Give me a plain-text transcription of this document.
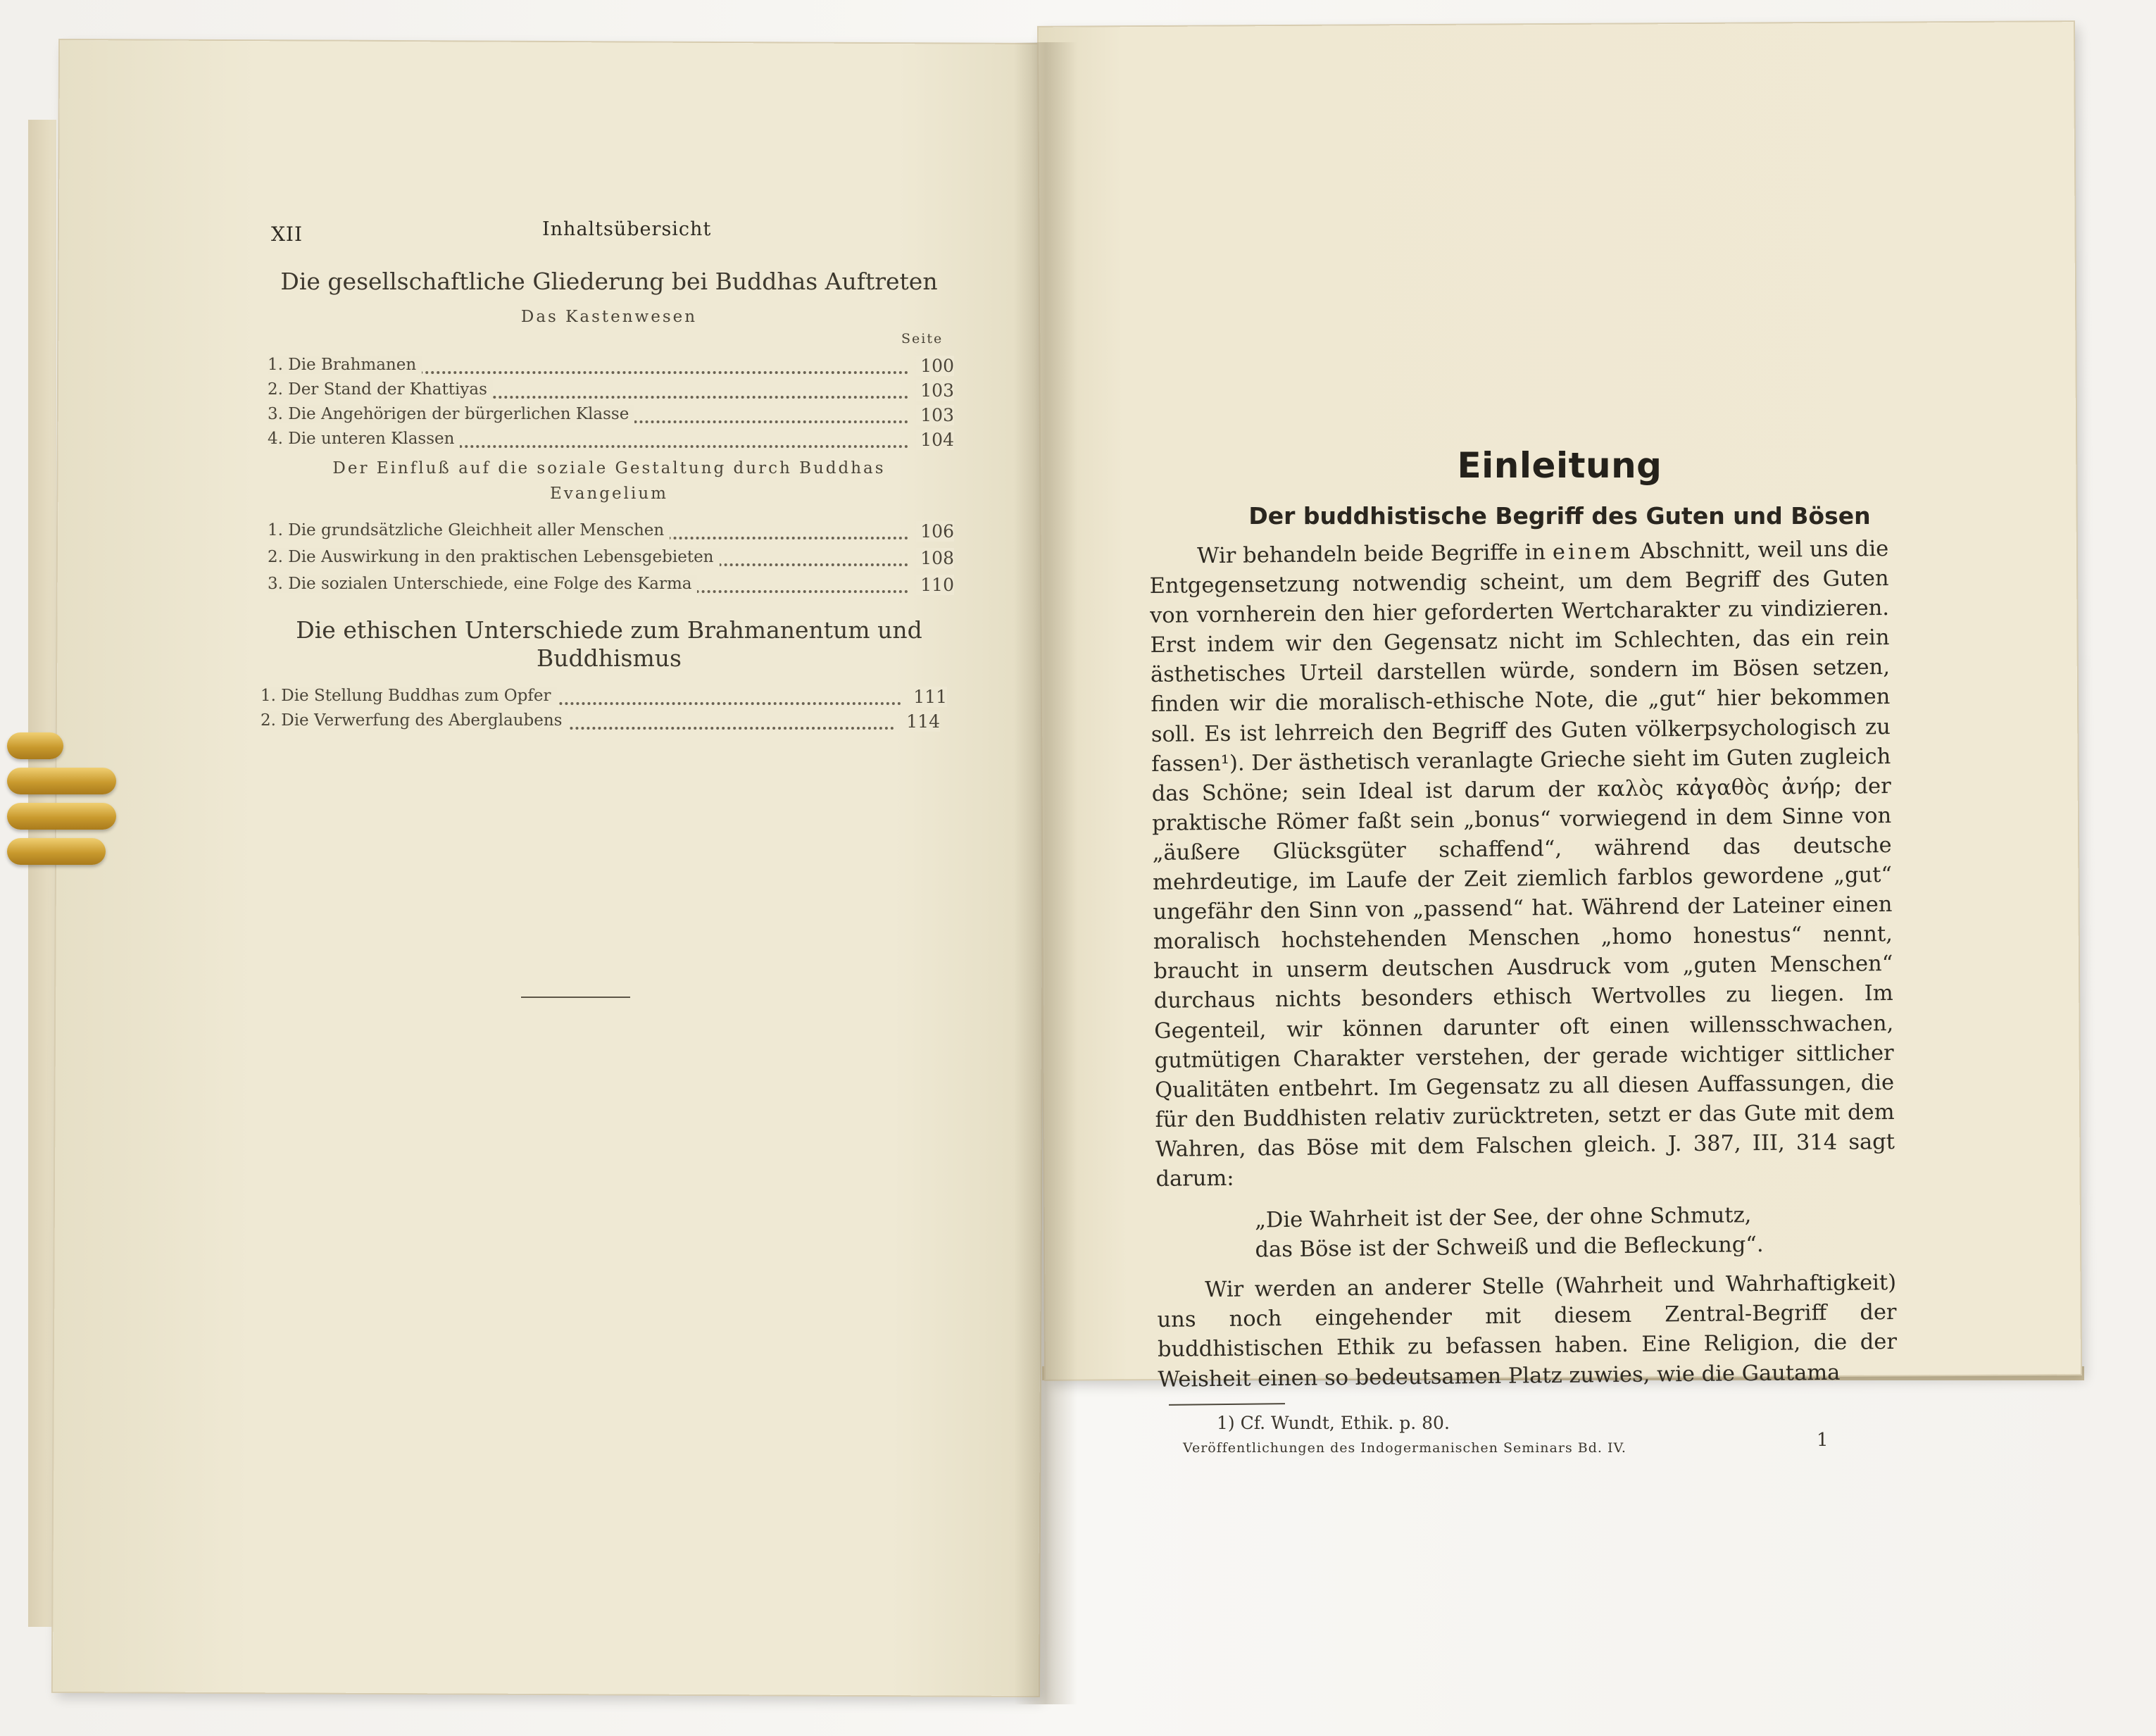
XII	Inhaltsübersicht
Die gesellschaftliche Gliederung bei Buddhas Auftreten
Das Kastenwesen
Seite
1. Die Brahmanen	100
2. Der Stand der Khattiyas	103
3. Die Angehörigen der bürgerlichen Klasse	103
4. Die unteren Klassen	104
Der Einfluß auf die soziale Gestaltung durch Buddhas
Evangelium
1. Die grundsätzliche Gleichheit aller Menschen	106
2. Die Auswirkung in den praktischen Lebensgebieten	108
3. Die sozialen Unterschiede, eine Folge des Karma	110
Die ethischen Unterschiede zum Brahmanentum und
Buddhismus
1. Die Stellung Buddhas zum Opfer	111
2. Die Verwerfung des Aberglaubens	114
Einleitung
Der buddhistische Begriff des Guten und Bösen

Wir behandeln beide Begriffe in einem Abschnitt, weil uns die Entgegensetzung notwendig scheint, um dem Begriff des Guten von vornherein den hier geforderten Wertcharakter zu vindizieren. Erst indem wir den Gegensatz nicht im Schlechten, das ein rein ästhetisches Urteil darstellen würde, sondern im Bösen setzen, finden wir die moralisch-ethische Note, die „gut“ hier bekommen soll. Es ist lehrreich den Begriff des Guten völkerpsychologisch zu fassen¹). Der ästhetisch veranlagte Grieche sieht im Guten zugleich das Schöne; sein Ideal ist darum der καλὸς κἀγαθὸς ἀνήρ; der praktische Römer faßt sein „bonus“ vorwiegend in dem Sinne von „äußere Glücksgüter schaffend“, während das deutsche mehrdeutige, im Laufe der Zeit ziemlich farblos gewordene „gut“ ungefähr den Sinn von „passend“ hat. Während der Lateiner einen moralisch hochstehenden Menschen „homo honestus“ nennt, braucht in unserm deutschen Ausdruck vom „guten Menschen“ durchaus nichts besonders ethisch Wertvolles zu liegen. Im Gegenteil, wir können darunter oft einen willensschwachen, gutmütigen Charakter verstehen, der gerade wichtiger sittlicher Qualitäten entbehrt. Im Gegensatz zu all diesen Auffassungen, die für den Buddhisten relativ zurücktreten, setzt er das Gute mit dem Wahren, das Böse mit dem Falschen gleich. J. 387, III, 314 sagt darum:

„Die Wahrheit ist der See, der ohne Schmutz,
das Böse ist der Schweiß und die Befleckung“.

Wir werden an anderer Stelle (Wahrheit und Wahrhaftigkeit) uns noch eingehender mit diesem Zentral-Begriff der buddhistischen Ethik zu befassen haben. Eine Religion, die der Weisheit einen so bedeutsamen Platz zuwies, wie die Gautama

1) Cf. Wundt, Ethik. p. 80.
Veröffentlichungen des Indogermanischen Seminars Bd. IV.	1
